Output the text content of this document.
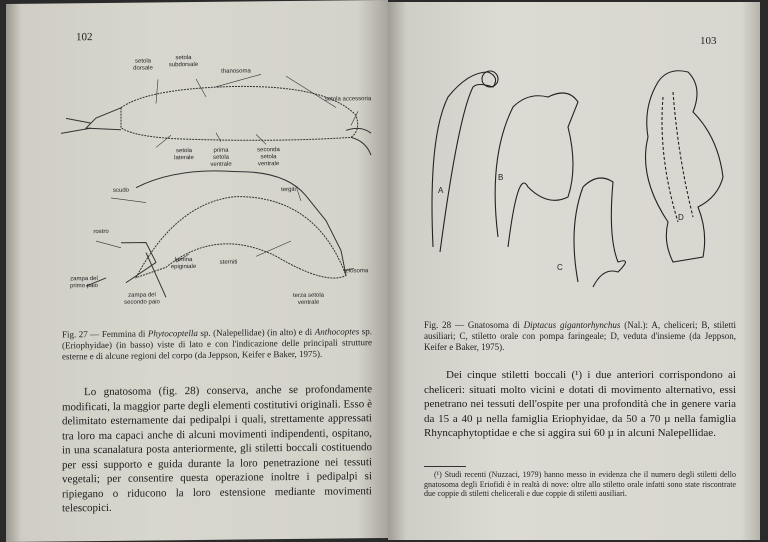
102
setola dorsale
setola subdorsale
thanosoma
setola accessoria
setola laterale
prima setola ventrale
seconda setola ventrale
scudo	tergiti
rostro
lamina epiginiale
sterniti
telosoma
zampa del primo paio
zampa del secondo paio
terza setola ventrale
Fig. 27 — Femmina di Phytocoptella sp. (Nalepellidae) (in alto) e di Anthocoptes sp. (Eriophyidae) (in basso) viste di lato e con l'indicazione delle principali strutture esterne e di alcune regioni del corpo (da Jeppson, Keifer e Baker, 1975).

Lo gnatosoma (fig. 28) conserva, anche se profondamente modificati, la maggior parte degli elementi costitutivi originali. Esso è delimitato esternamente dai pedipalpi i quali, strettamente appressati tra loro ma capaci anche di alcuni movimenti indipendenti, ospitano, in una scanalatura posta anteriormente, gli stiletti boccali costituendo per essi supporto e guida durante la loro penetrazione nei tessuti vegetali; per consentire questa operazione inoltre i pedipalpi si ripiegano o riducono la loro estensione mediante movimenti telescopici.

103
A
B
C
D
Fig. 28 — Gnatosoma di Diptacus gigantorhynchus (Nal.): A, cheliceri; B, stiletti ausiliari; C, stiletto orale con pompa faringeale; D, veduta d'insieme (da Jeppson, Keifer e Baker, 1975).

Dei cinque stiletti boccali (¹) i due anteriori corrispondono ai cheliceri: situati molto vicini e dotati di movimento alternativo, essi penetrano nei tessuti dell'ospite per una profondità che in genere varia da 15 a 40 µ nella famiglia Eriophyidae, da 50 a 70 µ nella famiglia Rhyncaphytoptidae e che si aggira sui 60 µ in alcuni Nalepellidae.

(¹) Studi recenti (Nuzzaci, 1979) hanno messo in evidenza che il numero degli stiletti dello gnatosoma degli Eriofidi è in realtà di nove: oltre allo stiletto orale infatti sono state riscontrate due coppie di stiletti chelicerali e due coppie di stiletti ausiliari.
